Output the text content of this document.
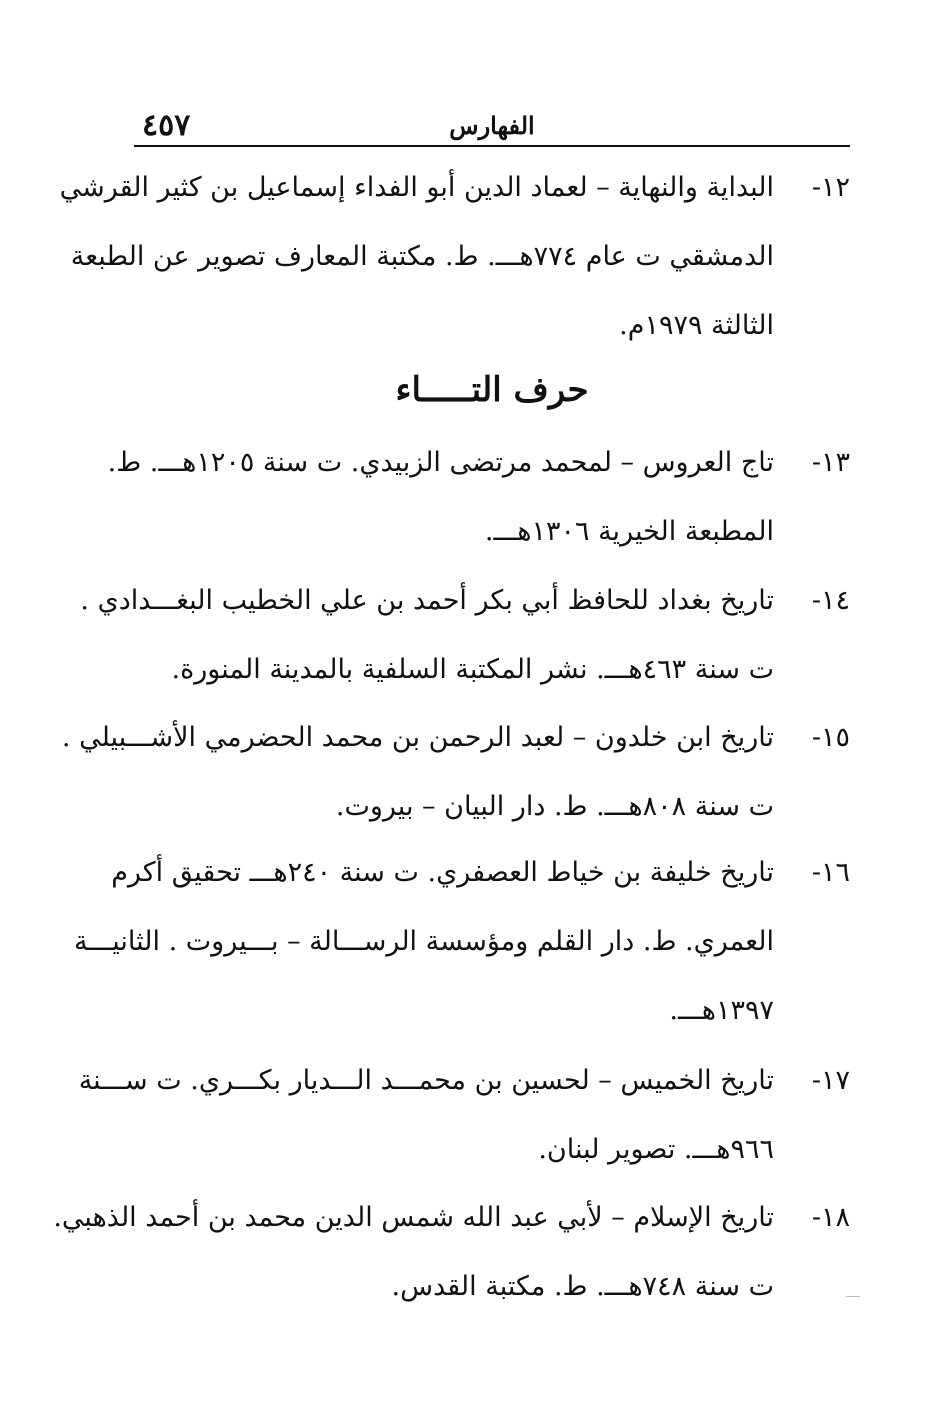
٤٥٧	الفهارس
١٢-
البداية والنهاية – لعماد الدين أبو الفداء إسماعيل بن كثير القرشي
الدمشقي ت عام ٧٧٤هـــ. ط. مكتبة المعارف تصوير عن الطبعة
الثالثة ١٩٧٩م.
حرف التـــــاء
١٣-
تاج العروس – لمحمد مرتضى الزبيدي. ت سنة ١٢٠٥هـــ. ط.
المطبعة الخيرية ١٣٠٦هـــ.
١٤-
تاريخ بغداد للحافظ أبي بكر أحمد بن علي الخطيب البغـــدادي .
ت سنة ٤٦٣هـــ. نشر المكتبة السلفية بالمدينة المنورة.
١٥-
تاريخ ابن خلدون – لعبد الرحمن بن محمد الحضرمي الأشـــبيلي .
ت سنة ٨٠٨هـــ. ط. دار البيان – بيروت.
١٦-
تاريخ خليفة بن خياط العصفري. ت سنة ٢٤٠هـــ تحقيق أكرم
العمري. ط. دار القلم ومؤسسة الرســـالة – بـــيروت . الثانيـــة
١٣٩٧هـــ.
١٧-
تاريخ الخميس – لحسين بن محمـــد الـــديار بكـــري. ت ســـنة
٩٦٦هـــ. تصوير لبنان.
١٨-
تاريخ الإسلام – لأبي عبد الله شمس الدين محمد بن أحمد الذهبي.
ت سنة ٧٤٨هـــ. ط. مكتبة القدس.
